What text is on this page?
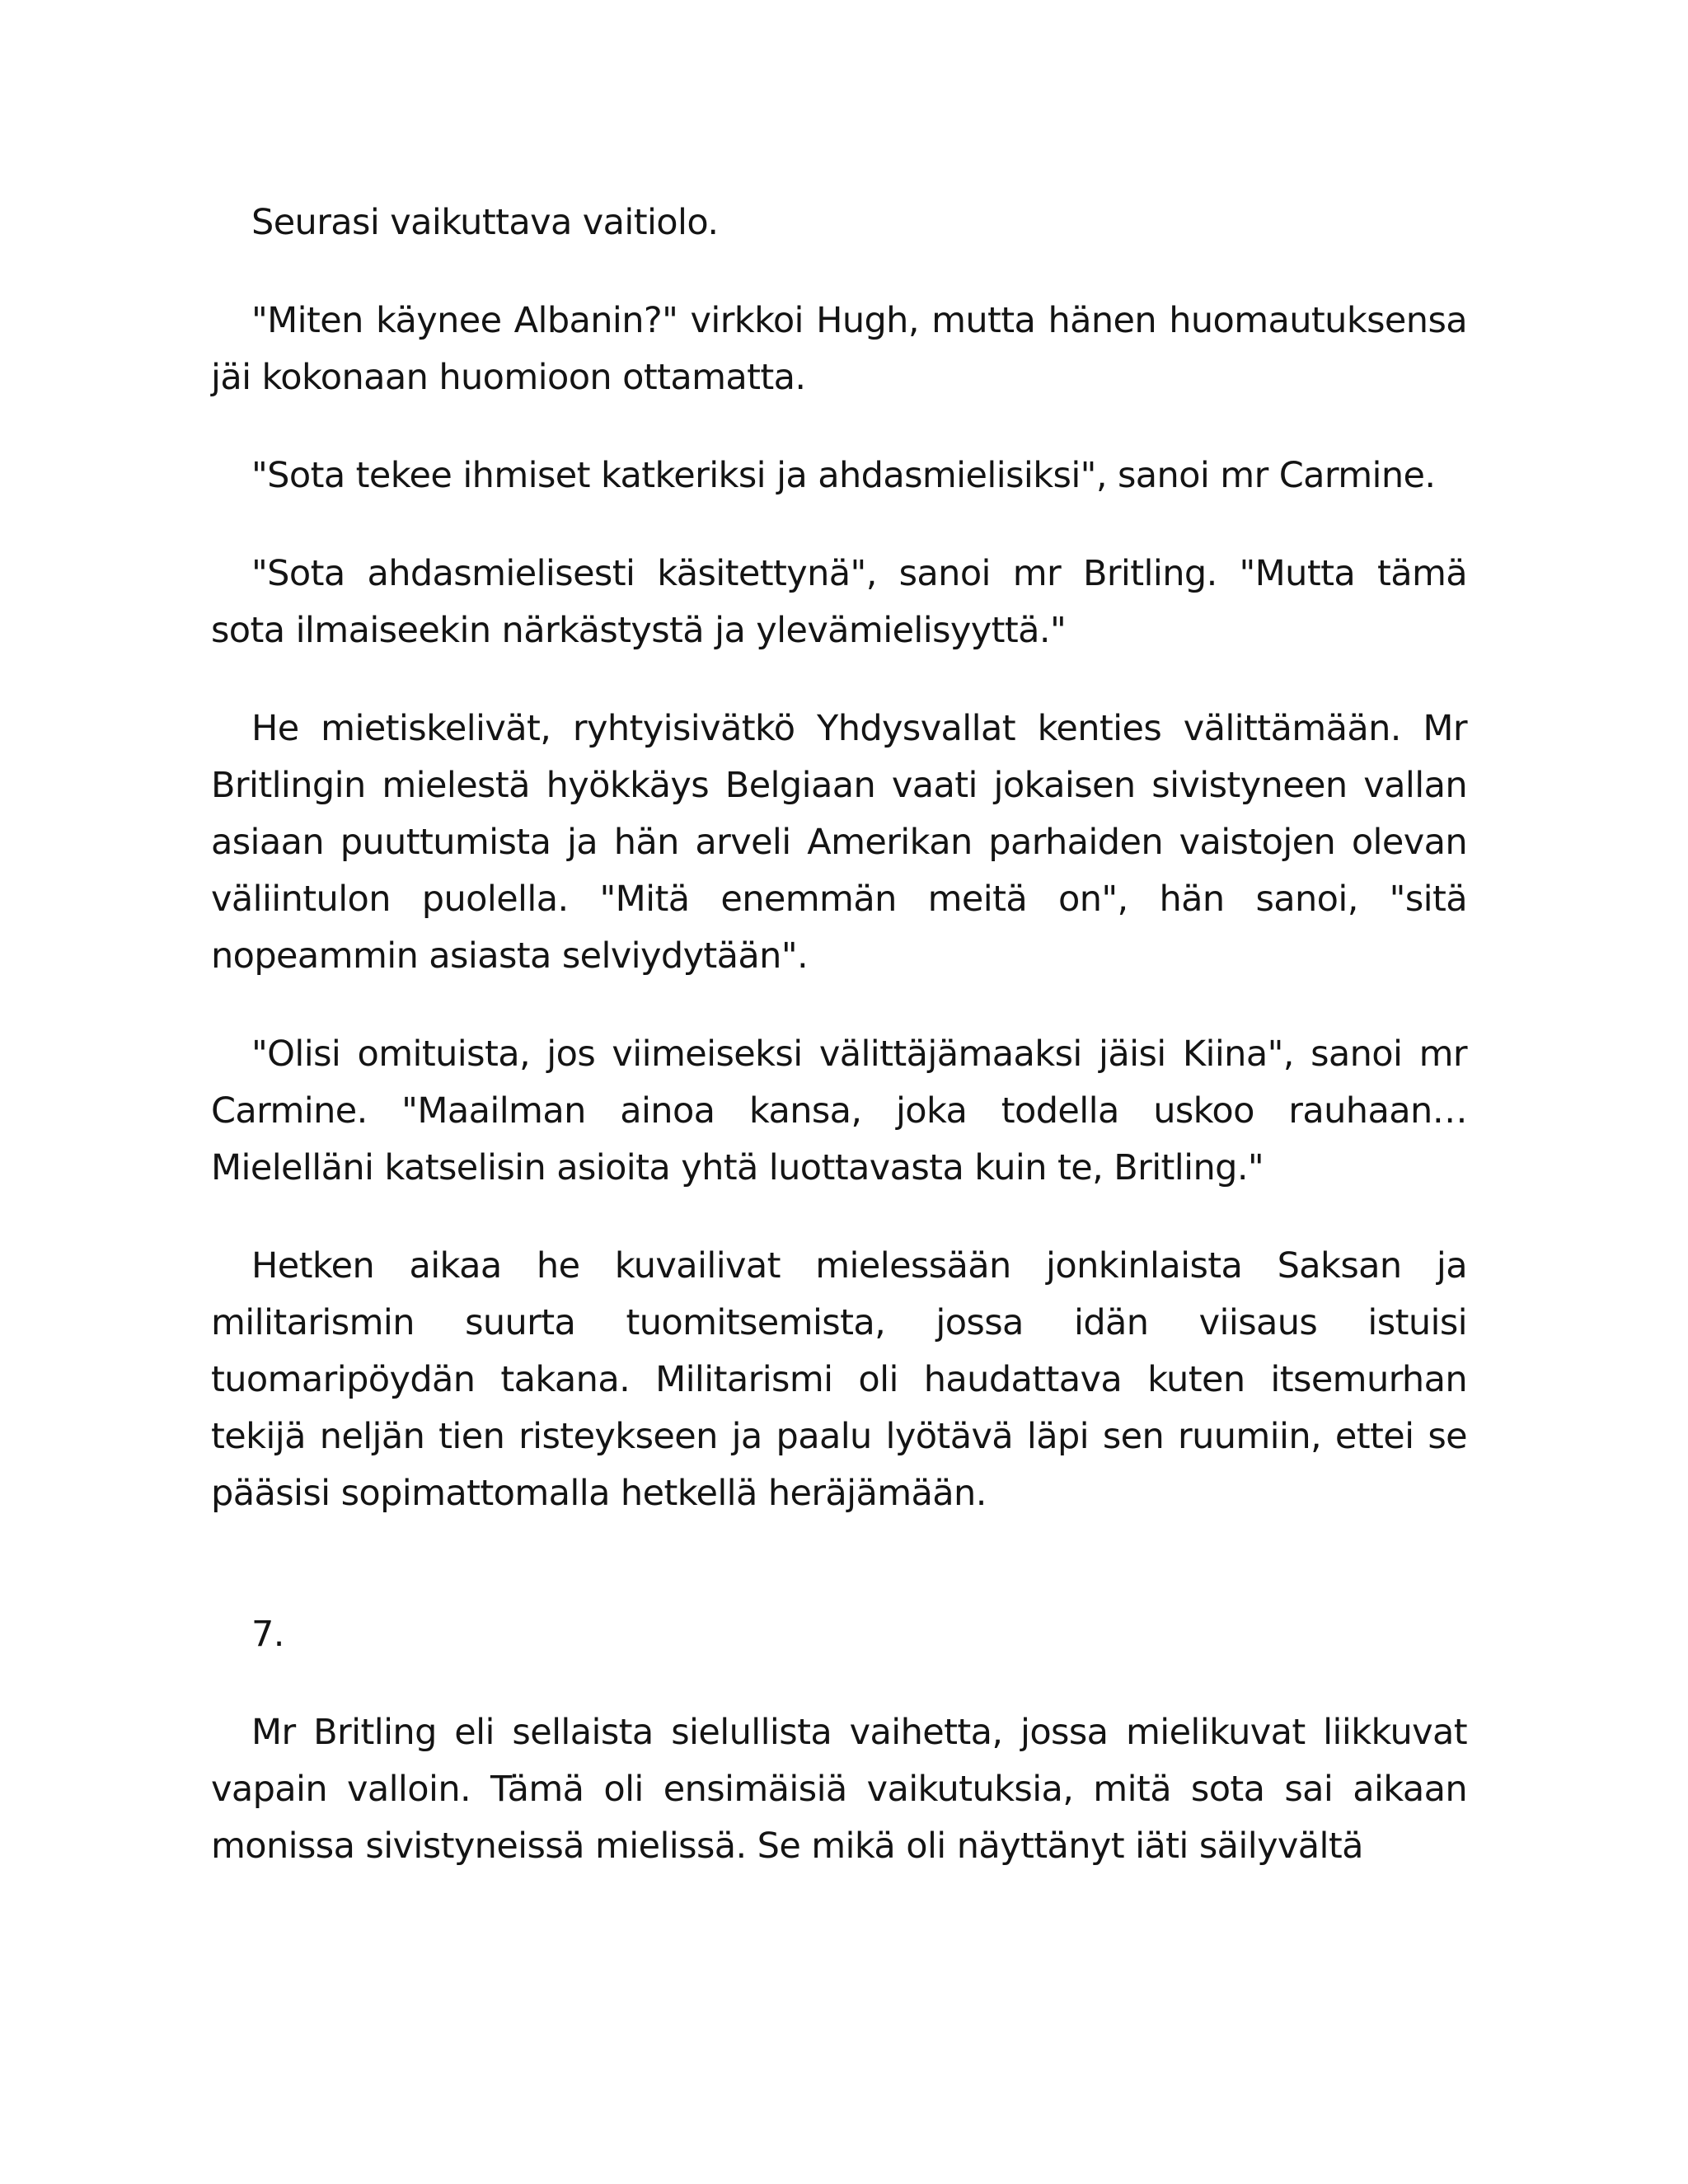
Seurasi vaikuttava vaitiolo.

"Miten käynee Albanin?" virkkoi Hugh, mutta hänen huomautuksensa jäi kokonaan huomioon ottamatta.

"Sota tekee ihmiset katkeriksi ja ahdasmielisiksi", sanoi mr Carmine.

"Sota ahdasmielisesti käsitettynä", sanoi mr Britling. "Mutta tämä sota ilmaiseekin närkästystä ja ylevämielisyyttä."

He mietiskelivät, ryhtyisivätkö Yhdysvallat kenties välittämään. Mr Britlingin mielestä hyökkäys Belgiaan vaati jokaisen sivistyneen vallan asiaan puuttumista ja hän arveli Amerikan parhaiden vaistojen olevan väliintulon puolella. "Mitä enemmän meitä on", hän sanoi, "sitä nopeammin asiasta selviydytään".

"Olisi omituista, jos viimeiseksi välittäjämaaksi jäisi Kiina", sanoi mr Carmine. "Maailman ainoa kansa, joka todella uskoo rauhaan… Mielelläni katselisin asioita yhtä luottavasta kuin te, Britling."

Hetken aikaa he kuvailivat mielessään jonkinlaista Saksan ja militarismin suurta tuomitsemista, jossa idän viisaus istuisi tuomaripöydän takana. Militarismi oli haudattava kuten itsemurhan tekijä neljän tien risteykseen ja paalu lyötävä läpi sen ruumiin, ettei se pääsisi sopimattomalla hetkellä heräjämään.

7.

Mr Britling eli sellaista sielullista vaihetta, jossa mielikuvat liikkuvat vapain valloin. Tämä oli ensimäisiä vaikutuksia, mitä sota sai aikaan monissa sivistyneissä mielissä. Se mikä oli näyttänyt iäti säilyvältä
